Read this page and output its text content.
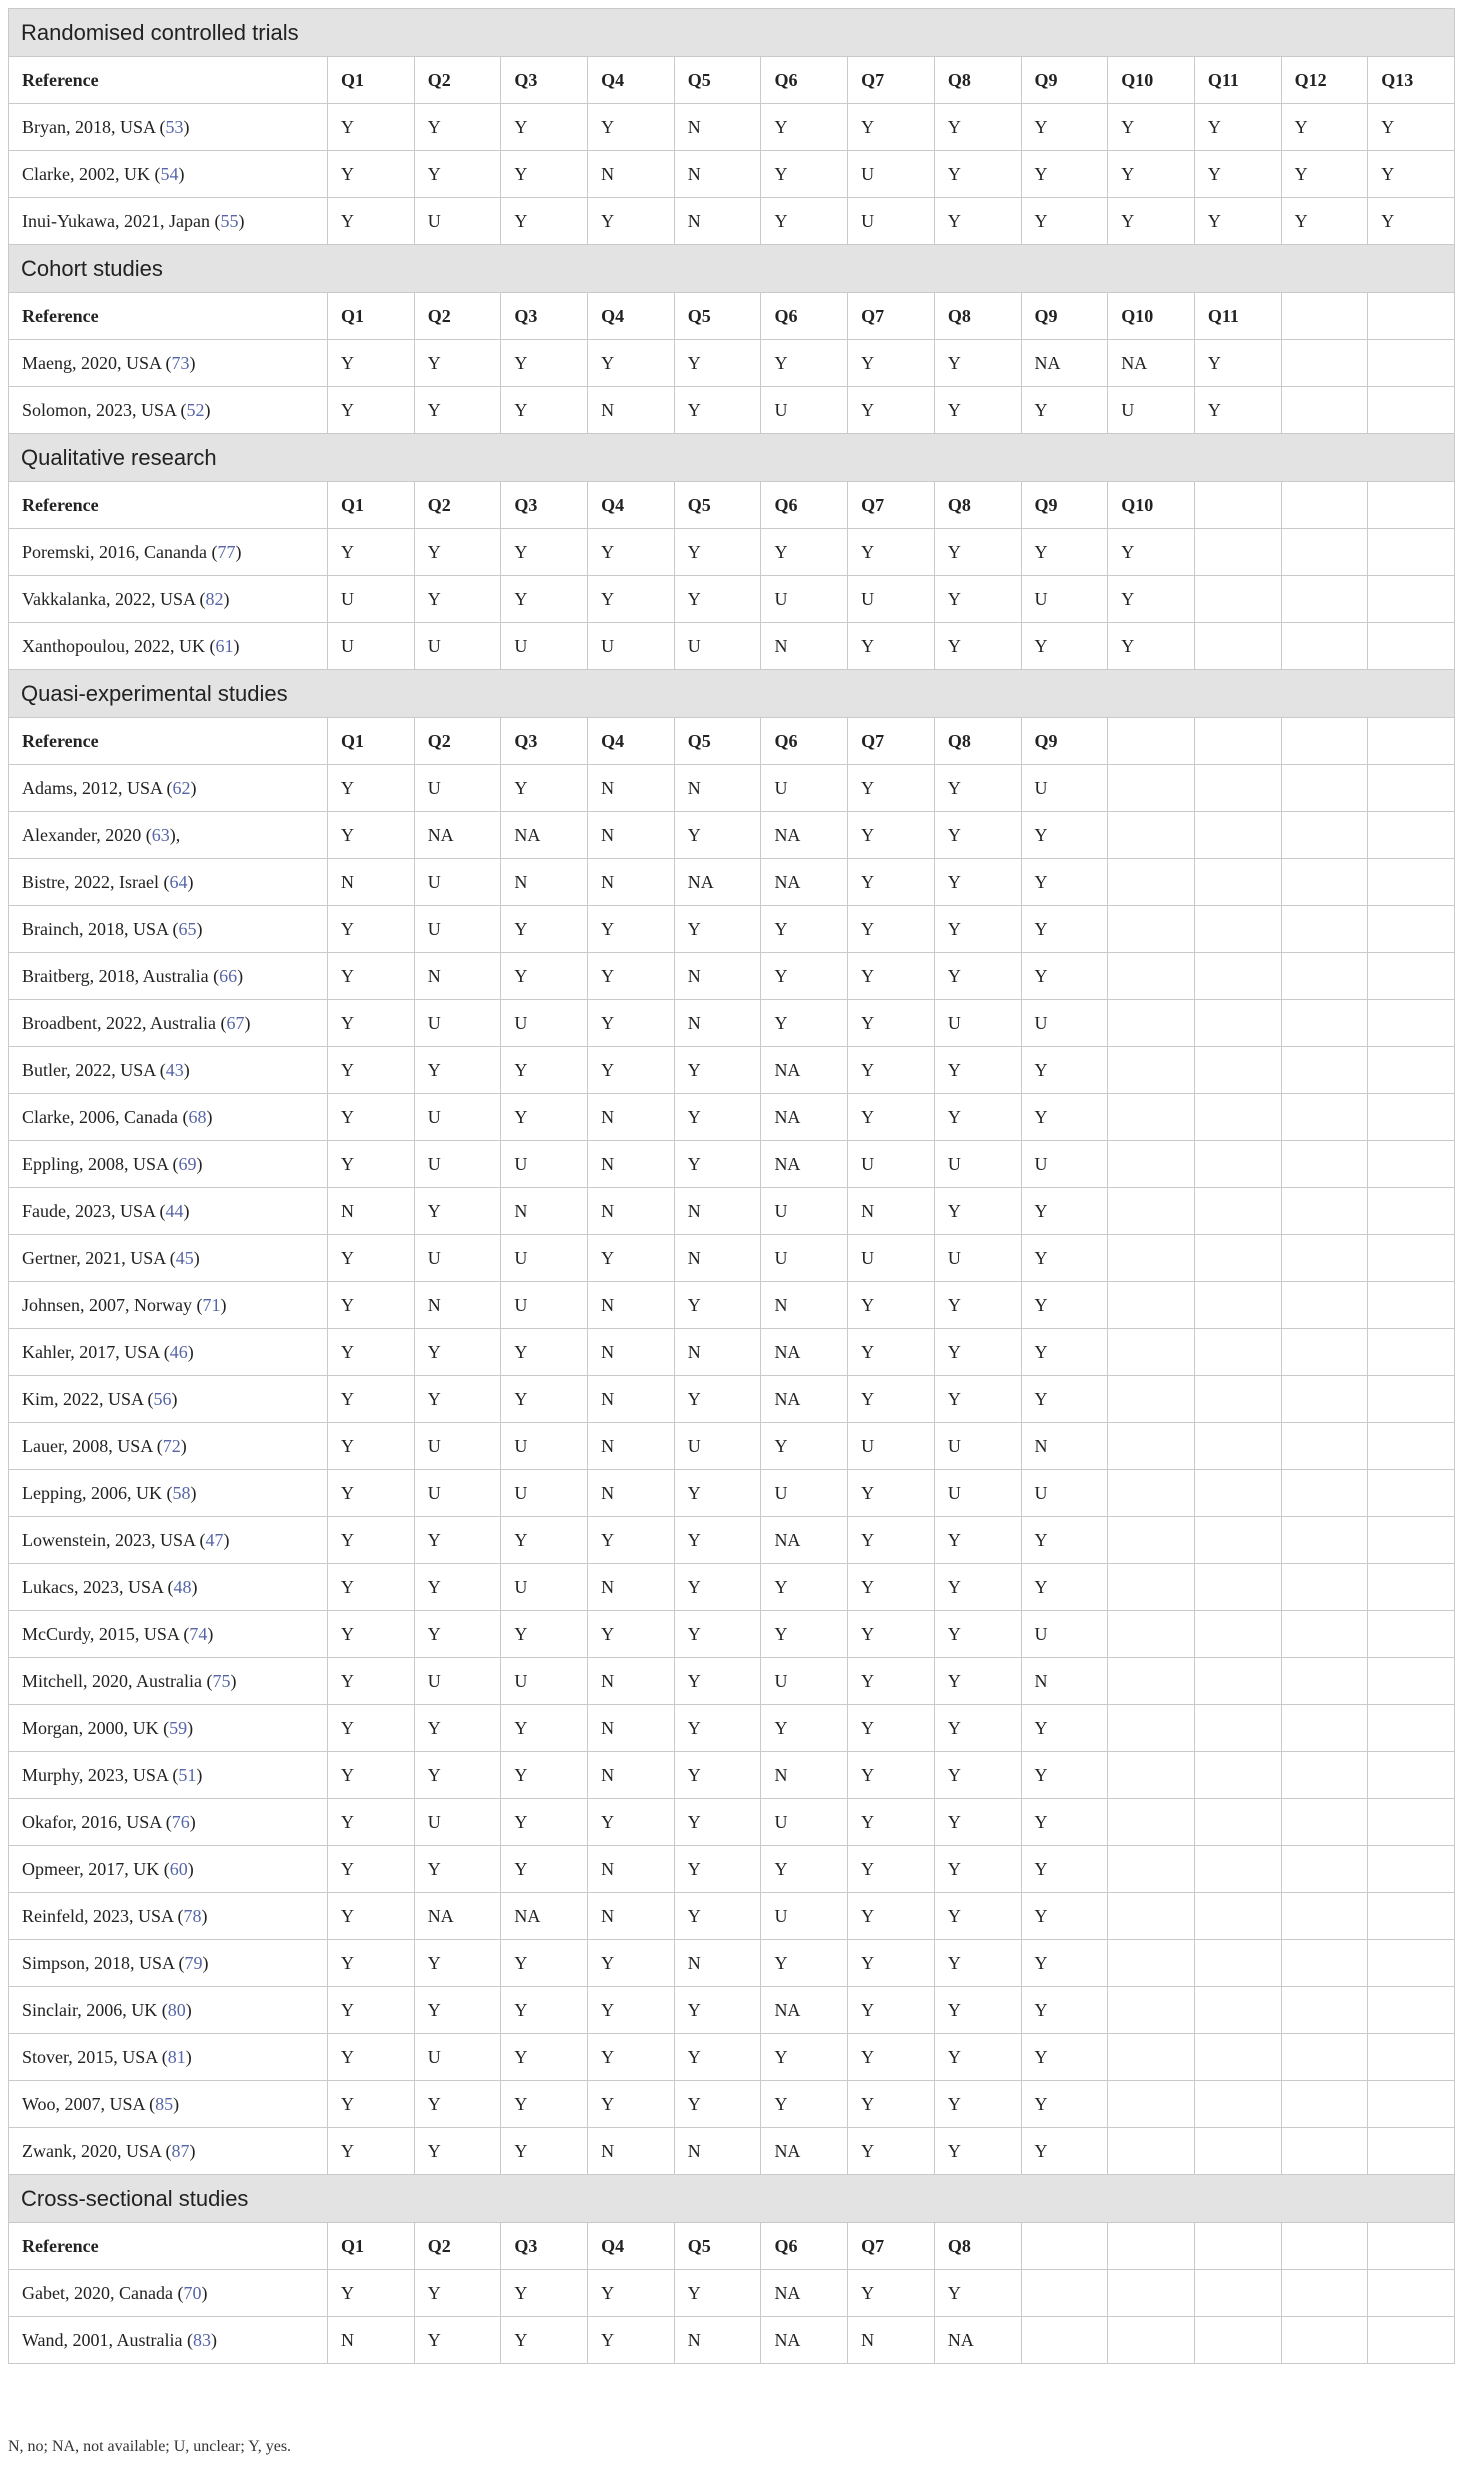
Randomised controlled trials													
Reference	Q1	Q2	Q3	Q4	Q5	Q6	Q7	Q8	Q9	Q10	Q11	Q12	Q13
Bryan, 2018, USA (53)	Y	Y	Y	Y	N	Y	Y	Y	Y	Y	Y	Y	Y
Clarke, 2002, UK (54)	Y	Y	Y	N	N	Y	U	Y	Y	Y	Y	Y	Y
Inui-Yukawa, 2021, Japan (55)	Y	U	Y	Y	N	Y	U	Y	Y	Y	Y	Y	Y
Cohort studies													
Reference	Q1	Q2	Q3	Q4	Q5	Q6	Q7	Q8	Q9	Q10	Q11		
Maeng, 2020, USA (73)	Y	Y	Y	Y	Y	Y	Y	Y	NA	NA	Y		
Solomon, 2023, USA (52)	Y	Y	Y	N	Y	U	Y	Y	Y	U	Y		
Qualitative research													
Reference	Q1	Q2	Q3	Q4	Q5	Q6	Q7	Q8	Q9	Q10			
Poremski, 2016, Cananda (77)	Y	Y	Y	Y	Y	Y	Y	Y	Y	Y			
Vakkalanka, 2022, USA (82)	U	Y	Y	Y	Y	U	U	Y	U	Y			
Xanthopoulou, 2022, UK (61)	U	U	U	U	U	N	Y	Y	Y	Y			
Quasi-experimental studies													
Reference	Q1	Q2	Q3	Q4	Q5	Q6	Q7	Q8	Q9				
Adams, 2012, USA (62)	Y	U	Y	N	N	U	Y	Y	U				
Alexander, 2020 (63),	Y	NA	NA	N	Y	NA	Y	Y	Y				
Bistre, 2022, Israel (64)	N	U	N	N	NA	NA	Y	Y	Y				
Brainch, 2018, USA (65)	Y	U	Y	Y	Y	Y	Y	Y	Y				
Braitberg, 2018, Australia (66)	Y	N	Y	Y	N	Y	Y	Y	Y				
Broadbent, 2022, Australia (67)	Y	U	U	Y	N	Y	Y	U	U				
Butler, 2022, USA (43)	Y	Y	Y	Y	Y	NA	Y	Y	Y				
Clarke, 2006, Canada (68)	Y	U	Y	N	Y	NA	Y	Y	Y				
Eppling, 2008, USA (69)	Y	U	U	N	Y	NA	U	U	U				
Faude, 2023, USA (44)	N	Y	N	N	N	U	N	Y	Y				
Gertner, 2021, USA (45)	Y	U	U	Y	N	U	U	U	Y				
Johnsen, 2007, Norway (71)	Y	N	U	N	Y	N	Y	Y	Y				
Kahler, 2017, USA (46)	Y	Y	Y	N	N	NA	Y	Y	Y				
Kim, 2022, USA (56)	Y	Y	Y	N	Y	NA	Y	Y	Y				
Lauer, 2008, USA (72)	Y	U	U	N	U	Y	U	U	N				
Lepping, 2006, UK (58)	Y	U	U	N	Y	U	Y	U	U				
Lowenstein, 2023, USA (47)	Y	Y	Y	Y	Y	NA	Y	Y	Y				
Lukacs, 2023, USA (48)	Y	Y	U	N	Y	Y	Y	Y	Y				
McCurdy, 2015, USA (74)	Y	Y	Y	Y	Y	Y	Y	Y	U				
Mitchell, 2020, Australia (75)	Y	U	U	N	Y	U	Y	Y	N				
Morgan, 2000, UK (59)	Y	Y	Y	N	Y	Y	Y	Y	Y				
Murphy, 2023, USA (51)	Y	Y	Y	N	Y	N	Y	Y	Y				
Okafor, 2016, USA (76)	Y	U	Y	Y	Y	U	Y	Y	Y				
Opmeer, 2017, UK (60)	Y	Y	Y	N	Y	Y	Y	Y	Y				
Reinfeld, 2023, USA (78)	Y	NA	NA	N	Y	U	Y	Y	Y				
Simpson, 2018, USA (79)	Y	Y	Y	Y	N	Y	Y	Y	Y				
Sinclair, 2006, UK (80)	Y	Y	Y	Y	Y	NA	Y	Y	Y				
Stover, 2015, USA (81)	Y	U	Y	Y	Y	Y	Y	Y	Y				
Woo, 2007, USA (85)	Y	Y	Y	Y	Y	Y	Y	Y	Y				
Zwank, 2020, USA (87)	Y	Y	Y	N	N	NA	Y	Y	Y				
Cross-sectional studies													
Reference	Q1	Q2	Q3	Q4	Q5	Q6	Q7	Q8					
Gabet, 2020, Canada (70)	Y	Y	Y	Y	Y	NA	Y	Y					
Wand, 2001, Australia (83)	N	Y	Y	Y	N	NA	N	NA					
N, no; NA, not available; U, unclear; Y, yes.
